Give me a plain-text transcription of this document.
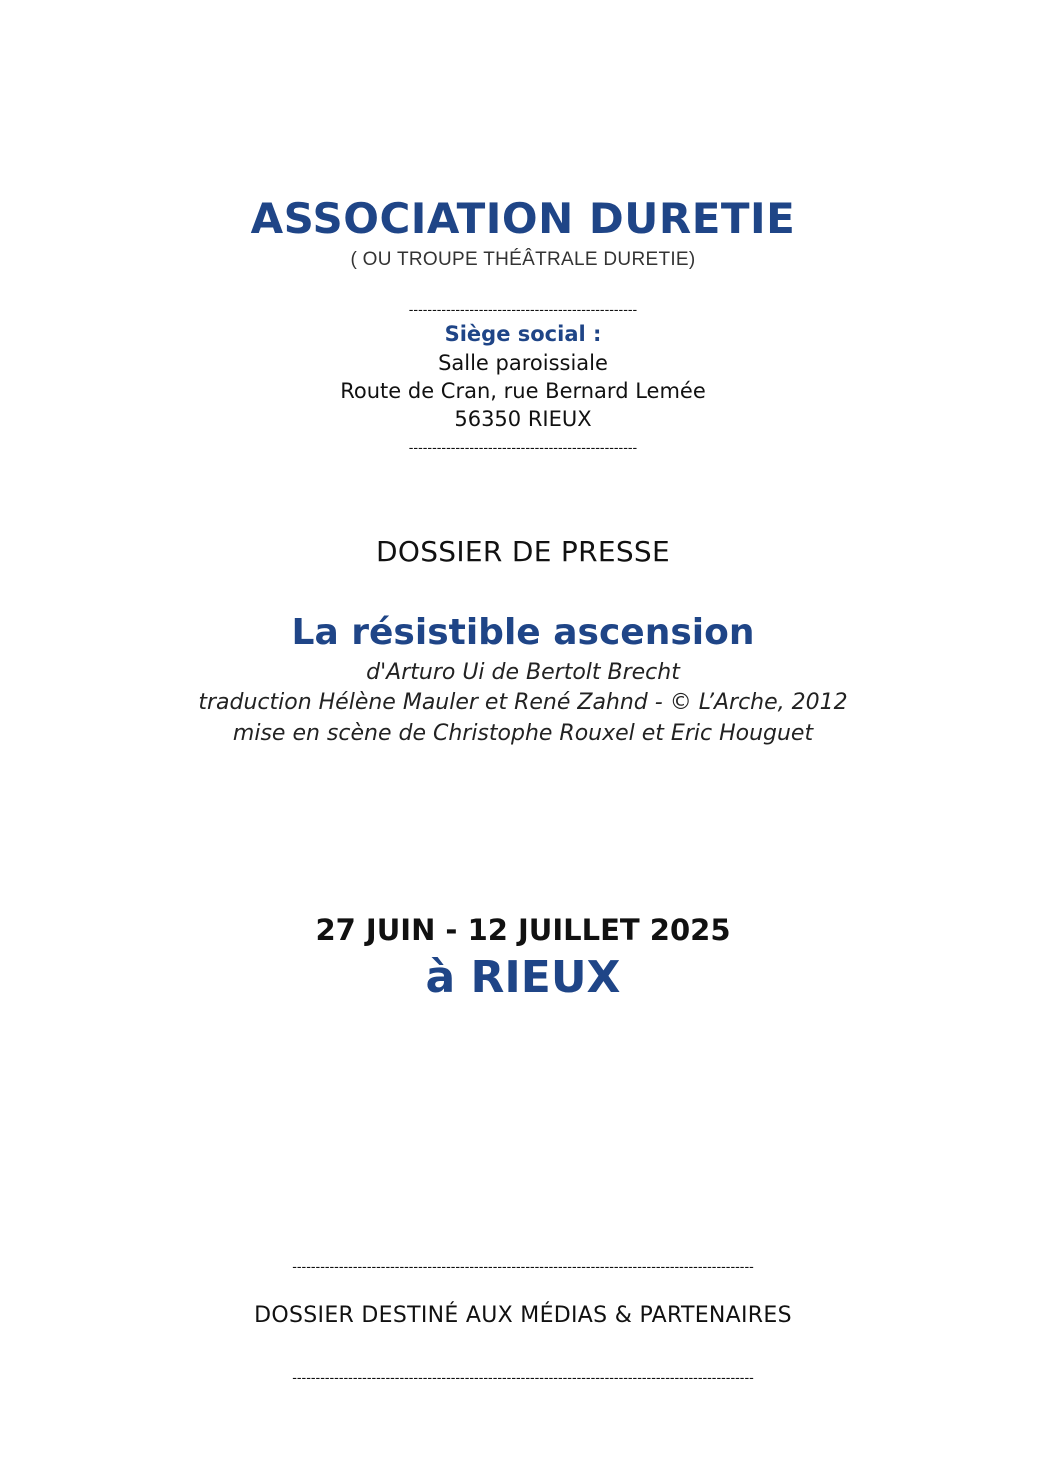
ASSOCIATION DURETIE
( OU TROUPE THÉÂTRALE DURETIE)
-------------------------------------------------
Siège social :
Salle paroissiale
Route de Cran, rue Bernard Lemée
56350 RIEUX
-------------------------------------------------
DOSSIER DE PRESSE
La résistible ascension
d'Arturo Ui de Bertolt Brecht
traduction Hélène Mauler et René Zahnd - © L’Arche, 2012
mise en scène de Christophe Rouxel et Eric Houguet
27 JUIN - 12 JUILLET 2025
à RIEUX
---------------------------------------------------------------------------------------------------
DOSSIER DESTINÉ AUX MÉDIAS & PARTENAIRES
---------------------------------------------------------------------------------------------------
